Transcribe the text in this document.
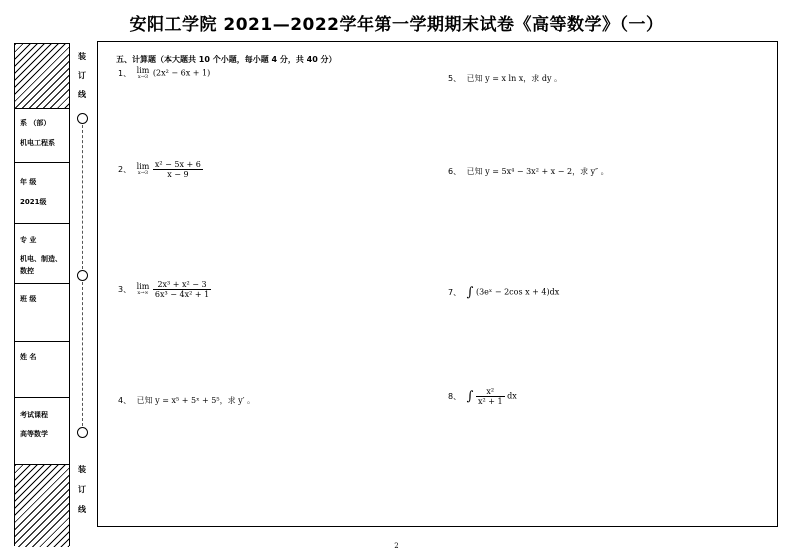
安阳工学院 2021—2022学年第一学期期末试卷《高等数学》（一）
系 （部）
机电工程系
年 级
2021级
专 业
机电、制造、
数控
班 级
姓 名
考试课程
高等数学
装
订
线
装
订
线
五、计算题（本大题共 10 个小题，每小题 4 分，共 40 分）
1、 lim
x→3 (2x² − 6x + 1)
2、 lim
x→3
$\frac{\text{x² − 5x + 6}}{x - 9}$
3、 lim
x→∞
$\frac{\text{2x³ + x² − 3}}{\text{6x³ − 4x² + 1}}$
4、 已知 y = x⁵ + 5ˣ + 5⁵，求 y′ 。
5、 已知 y = x ln x，求 dy 。
6、 已知 y = 5x⁴ − 3x² + x − 2，求 y″ 。
7、 ∫ (3eˣ − 2cos x + 4)dx
8、 ∫ $\frac{\text{x²}}{\text{x² + 1}}$ dx
2
